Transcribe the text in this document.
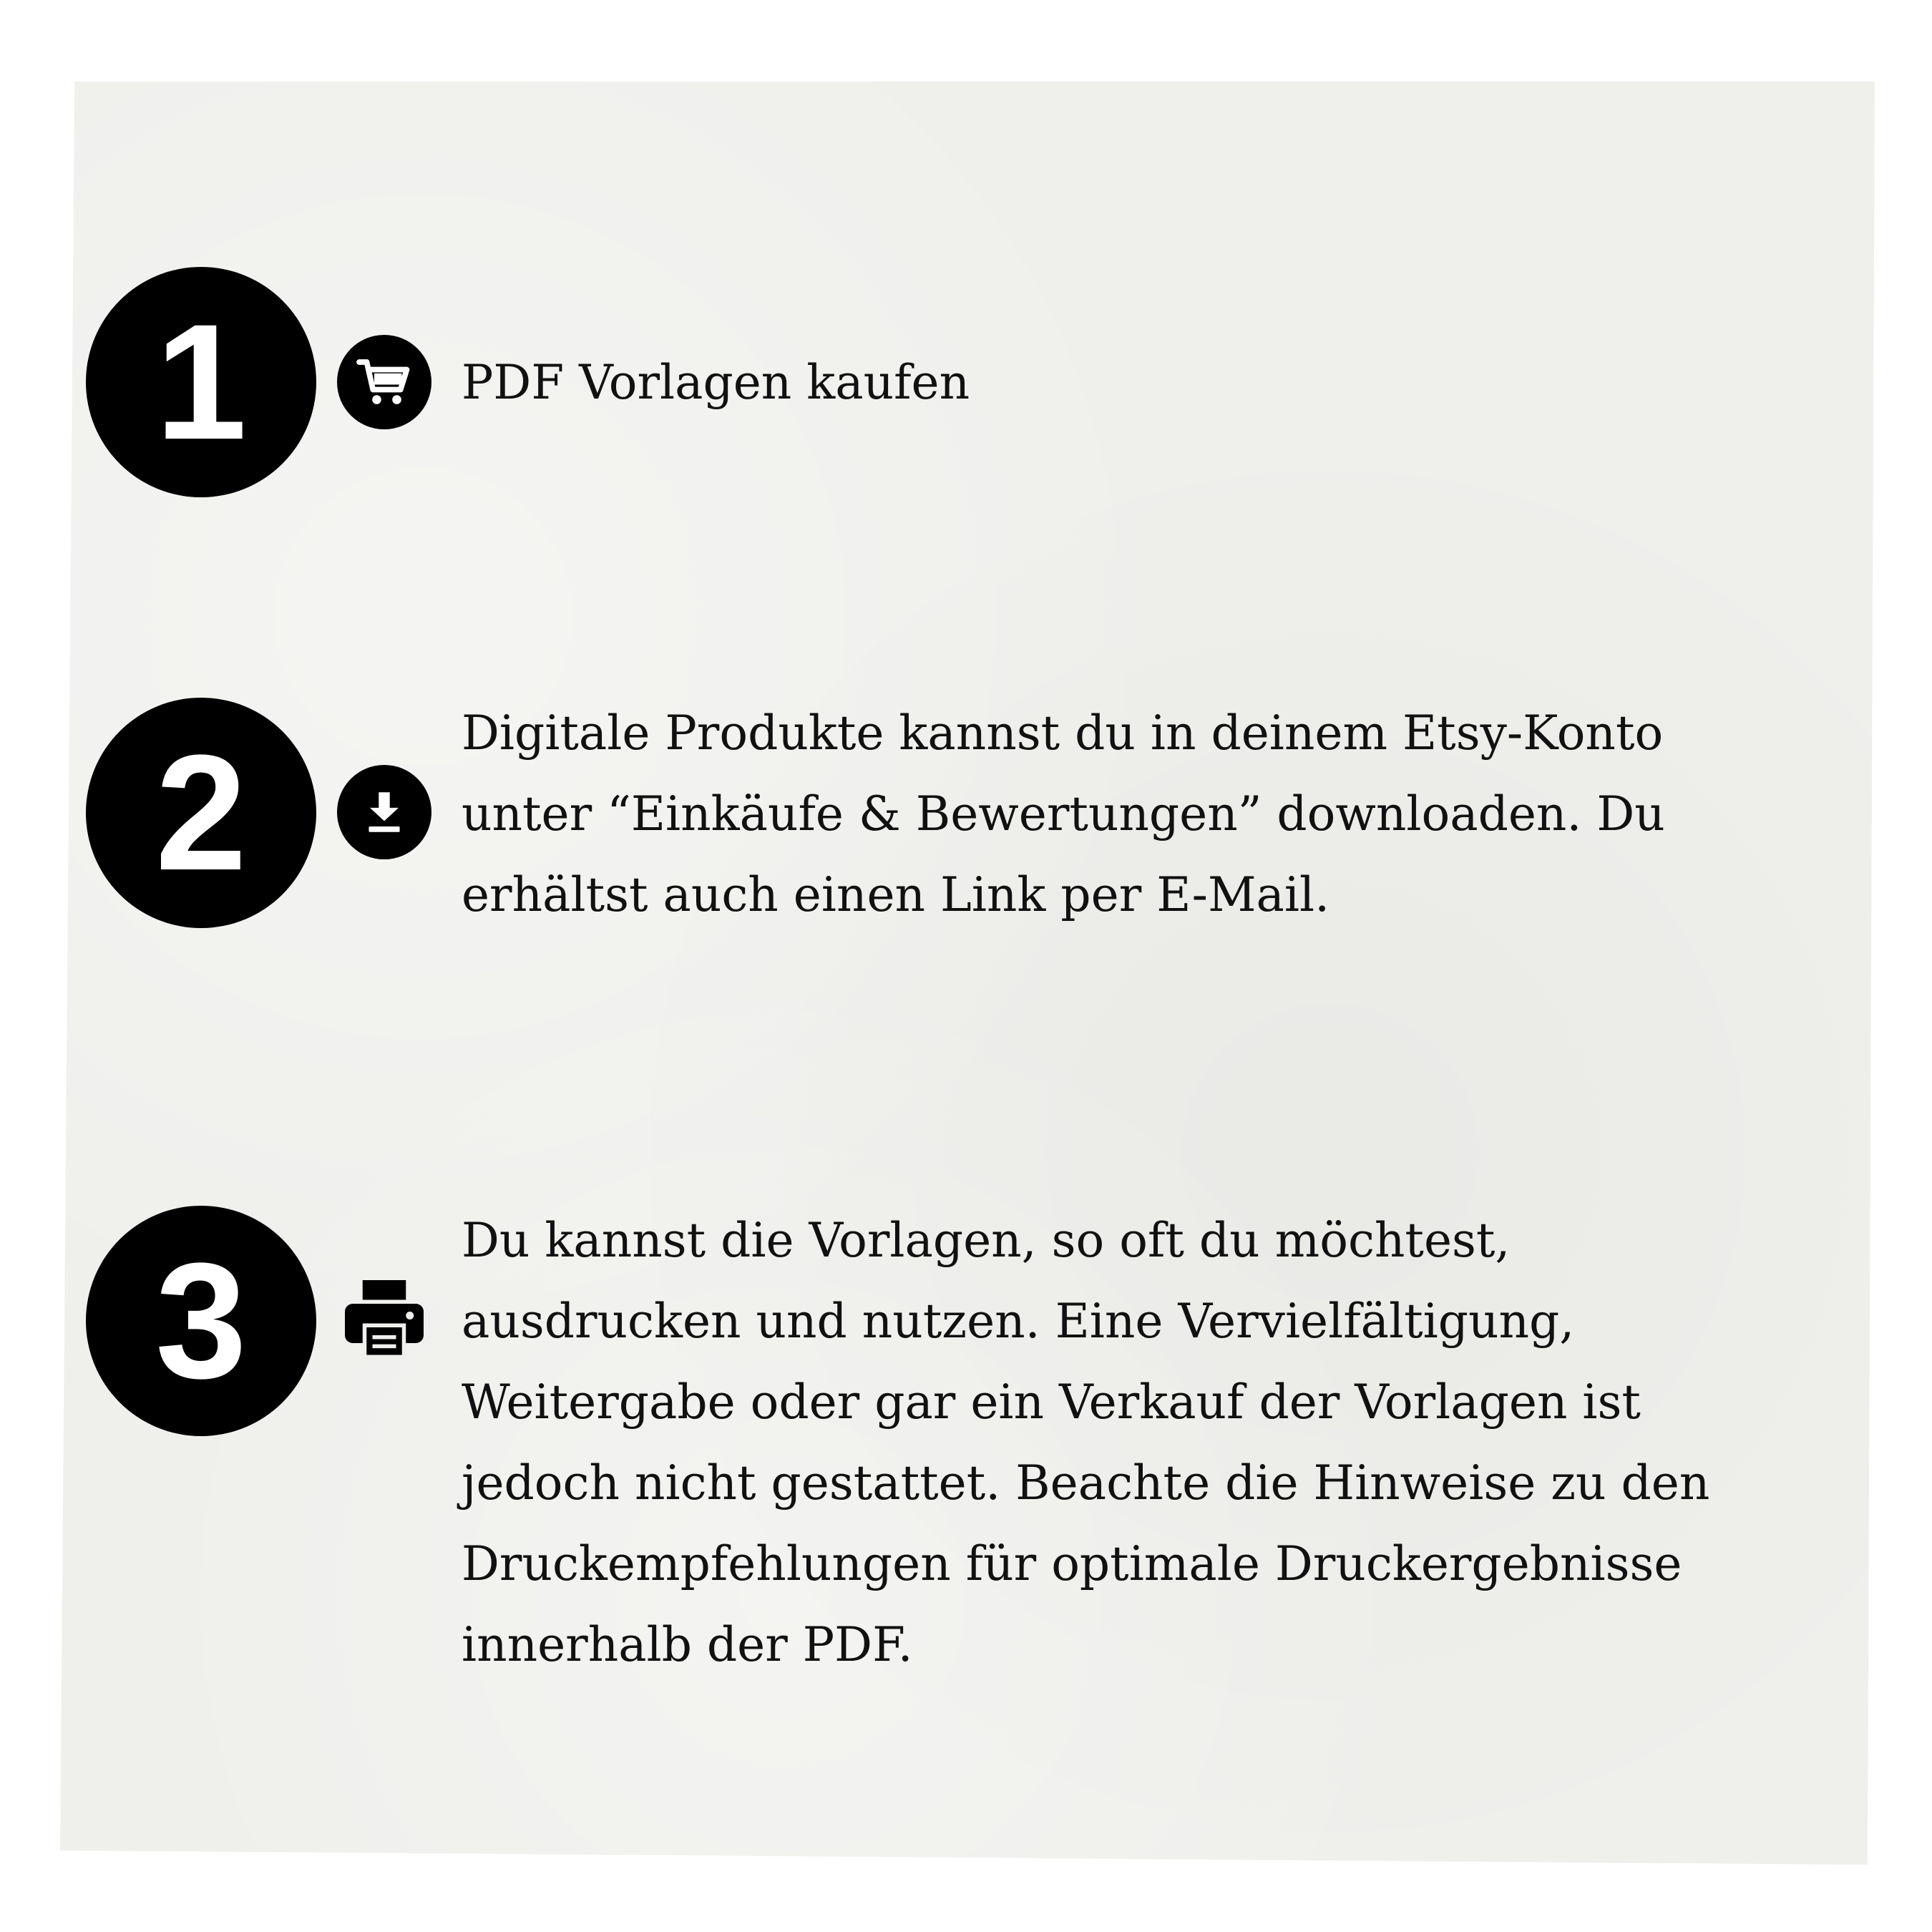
1	PDF Vorlagen kaufen

2	Digitale Produkte kannst du in deinem Etsy-Konto
unter “Einkäufe & Bewertungen” downloaden. Du
erhältst auch einen Link per E-Mail.

3	Du kannst die Vorlagen, so oft du möchtest,
ausdrucken und nutzen. Eine Vervielfältigung,
Weitergabe oder gar ein Verkauf der Vorlagen ist
jedoch nicht gestattet. Beachte die Hinweise zu den
Druckempfehlungen für optimale Druckergebnisse
innerhalb der PDF.
